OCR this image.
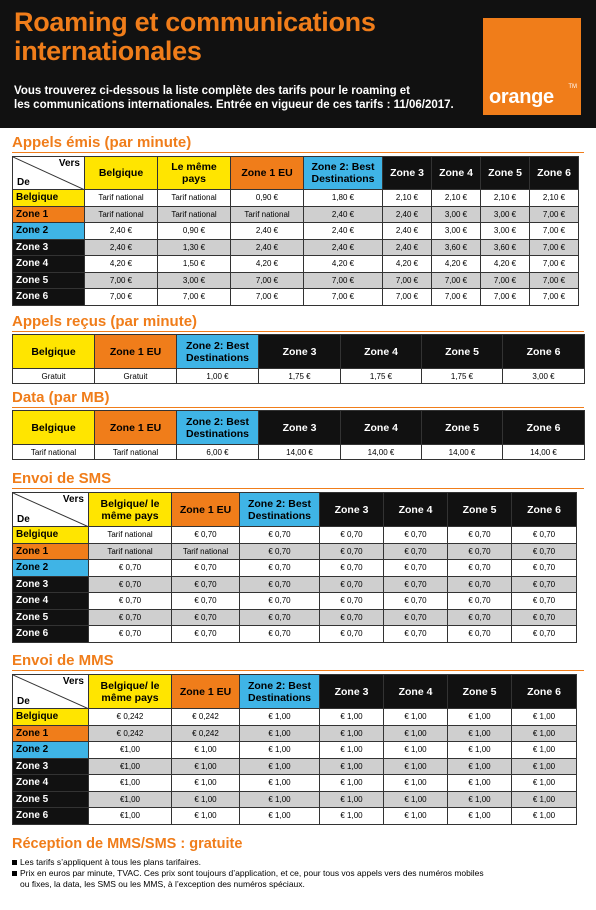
Roaming et communications
internationales
Vous trouverez ci-dessous la liste complète des tarifs pour le roaming et
les communications internationales. Entrée en vigueur de ces tarifs : 11/06/2017.	orange TM
Appels émis (par minute)
Vers
De	Belgique	Le même pays	Zone 1 EU	Zone 2: Best Destinations	Zone 3	Zone 4	Zone 5	Zone 6
Belgique	Tarif national	Tarif national	0,90 €	1,80 €	2,10 €	2,10 €	2,10 €	2,10 €
Zone 1	Tarif national	Tarif national	Tarif national	2,40 €	2,40 €	3,00 €	3,00 €	7,00 €
Zone 2	2,40 €	0,90 €	2,40 €	2,40 €	2,40 €	3,00 €	3,00 €	7,00 €
Zone 3	2,40 €	1,30 €	2,40 €	2,40 €	2,40 €	3,60 €	3,60 €	7,00 €
Zone 4	4,20 €	1,50 €	4,20 €	4,20 €	4,20 €	4,20 €	4,20 €	7,00 €
Zone 5	7,00 €	3,00 €	7,00 €	7,00 €	7,00 €	7,00 €	7,00 €	7,00 €
Zone 6	7,00 €	7,00 €	7,00 €	7,00 €	7,00 €	7,00 €	7,00 €	7,00 €
Appels reçus (par minute)
Belgique	Zone 1 EU	Zone 2: Best Destinations	Zone 3	Zone 4	Zone 5	Zone 6
Gratuit	Gratuit	1,00 €	1,75 €	1,75 €	1,75 €	3,00 €
Data (par MB)
Belgique	Zone 1 EU	Zone 2: Best Destinations	Zone 3	Zone 4	Zone 5	Zone 6
Tarif national	Tarif national	6,00 €	14,00 €	14,00 €	14,00 €	14,00 €
Envoi de SMS
Vers
De	Belgique/ le même pays	Zone 1 EU	Zone 2: Best Destinations	Zone 3	Zone 4	Zone 5	Zone 6
Belgique	Tarif national	€ 0,70	€ 0,70	€ 0,70	€ 0,70	€ 0,70	€ 0,70
Zone 1	Tarif national	Tarif national	€ 0,70	€ 0,70	€ 0,70	€ 0,70	€ 0,70
Zone 2	€ 0,70	€ 0,70	€ 0,70	€ 0,70	€ 0,70	€ 0,70	€ 0,70
Zone 3	€ 0,70	€ 0,70	€ 0,70	€ 0,70	€ 0,70	€ 0,70	€ 0,70
Zone 4	€ 0,70	€ 0,70	€ 0,70	€ 0,70	€ 0,70	€ 0,70	€ 0,70
Zone 5	€ 0,70	€ 0,70	€ 0,70	€ 0,70	€ 0,70	€ 0,70	€ 0,70
Zone 6	€ 0,70	€ 0,70	€ 0,70	€ 0,70	€ 0,70	€ 0,70	€ 0,70
Envoi de MMS
Vers
De	Belgique/ le même pays	Zone 1 EU	Zone 2: Best Destinations	Zone 3	Zone 4	Zone 5	Zone 6
Belgique	€ 0,242	€ 0,242	€ 1,00	€ 1,00	€ 1,00	€ 1,00	€ 1,00
Zone 1	€ 0,242	€ 0,242	€ 1,00	€ 1,00	€ 1,00	€ 1,00	€ 1,00
Zone 2	€1,00	€ 1,00	€ 1,00	€ 1,00	€ 1,00	€ 1,00	€ 1,00
Zone 3	€1,00	€ 1,00	€ 1,00	€ 1,00	€ 1,00	€ 1,00	€ 1,00
Zone 4	€1,00	€ 1,00	€ 1,00	€ 1,00	€ 1,00	€ 1,00	€ 1,00
Zone 5	€1,00	€ 1,00	€ 1,00	€ 1,00	€ 1,00	€ 1,00	€ 1,00
Zone 6	€1,00	€ 1,00	€ 1,00	€ 1,00	€ 1,00	€ 1,00	€ 1,00
Réception de MMS/SMS : gratuite
Les tarifs s’appliquent à tous les plans tarifaires.
Prix en euros par minute, TVAC. Ces prix sont toujours d’application, et ce, pour tous vos appels vers des numéros mobiles
ou fixes, la data, les SMS ou les MMS, à l’exception des numéros spéciaux.
